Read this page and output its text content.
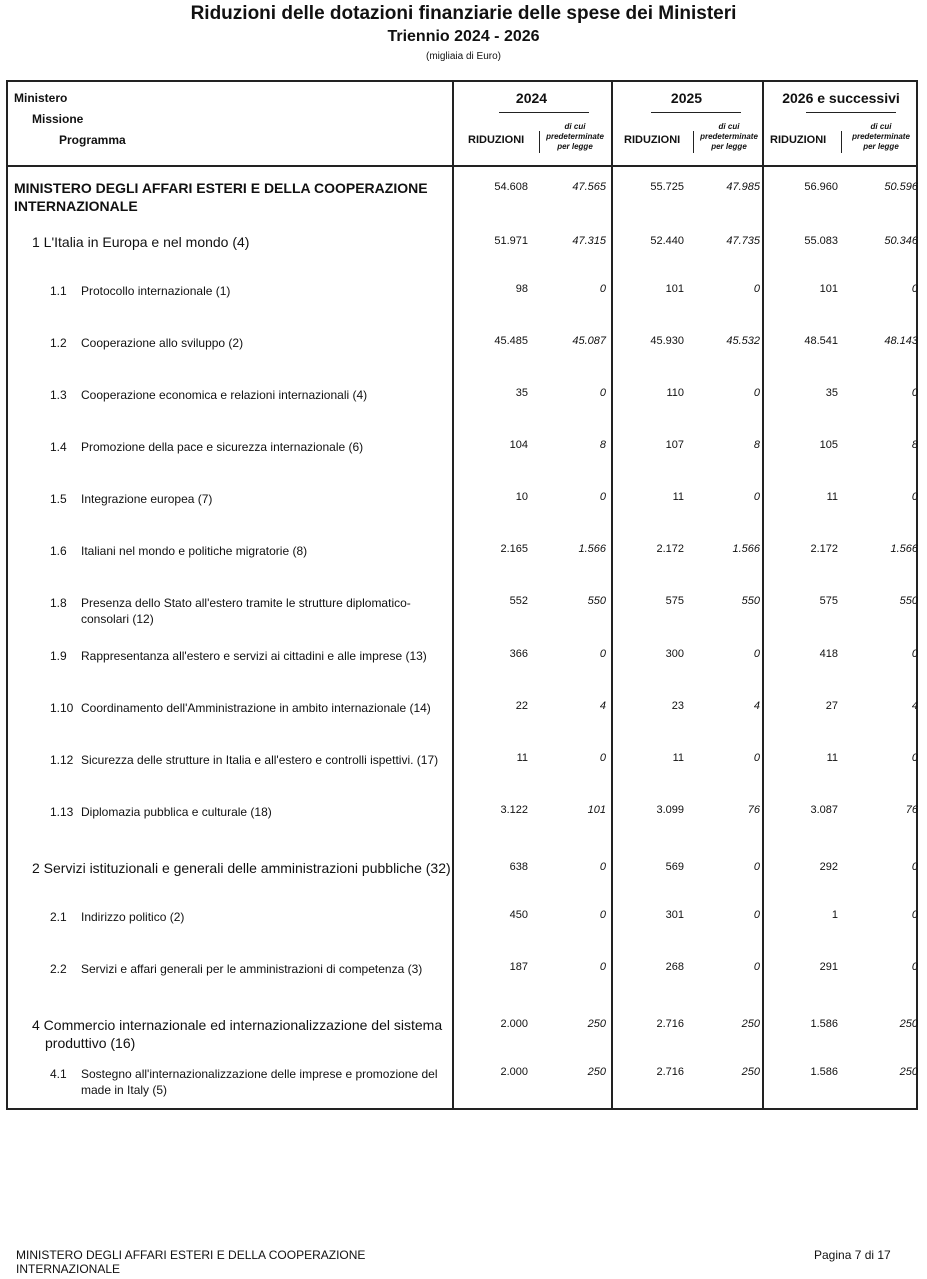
Riduzioni delle dotazioni finanziarie delle spese dei Ministeri
Triennio 2024 - 2026
(migliaia di Euro)
Ministero
Missione
Programma
2024	2025	2026 e successivi
RIDUZIONI
di cui
predeterminate
per legge
RIDUZIONI
di cui
predeterminate
per legge
RIDUZIONI
di cui
predeterminate
per legge
MINISTERO DEGLI AFFARI ESTERI E DELLA COOPERAZIONE INTERNAZIONALE
54.608	47.565	55.725	47.985	56.960	50.596
1 L'Italia in Europa e nel mondo (4)	51.971	47.315	52.440	47.735	55.083	50.346
1.1 Protocollo internazionale (1)	98	0	101	0	101	0
1.2 Cooperazione allo sviluppo (2)	45.485	45.087	45.930	45.532	48.541	48.143
1.3 Cooperazione economica e relazioni internazionali (4)	35	0	110	0	35	0
1.4 Promozione della pace e sicurezza internazionale (6)	104	8	107	8	105	8
1.5 Integrazione europea (7)	10	0	11	0	11	0
1.6 Italiani nel mondo e politiche migratorie (8)	2.165	1.566	2.172	1.566	2.172	1.566
1.8 Presenza dello Stato all'estero tramite le strutture diplomatico-consolari (12)
552	550	575	550	575	550
1.9 Rappresentanza all'estero e servizi ai cittadini e alle imprese (13)	366	0	300	0	418	0
1.10 Coordinamento dell'Amministrazione in ambito internazionale (14)	22	4	23	4	27	4
1.12 Sicurezza delle strutture in Italia e all'estero e controlli ispettivi. (17)	11	0	11	0	11	0
1.13 Diplomazia pubblica e culturale (18)	3.122	101	3.099	76	3.087	76
2 Servizi istituzionali e generali delle amministrazioni pubbliche (32)	638	0	569	0	292	0
2.1 Indirizzo politico (2)	450	0	301	0	1	0
2.2 Servizi e affari generali per le amministrazioni di competenza (3)	187	0	268	0	291	0
4 Commercio internazionale ed internazionalizzazione del sistema produttivo (16)
2.000	250	2.716	250	1.586	250
4.1 Sostegno all'internazionalizzazione delle imprese e promozione del made in Italy (5)
2.000	250	2.716	250	1.586	250
MINISTERO DEGLI AFFARI ESTERI E DELLA COOPERAZIONE INTERNAZIONALE
Pagina 7 di 17
